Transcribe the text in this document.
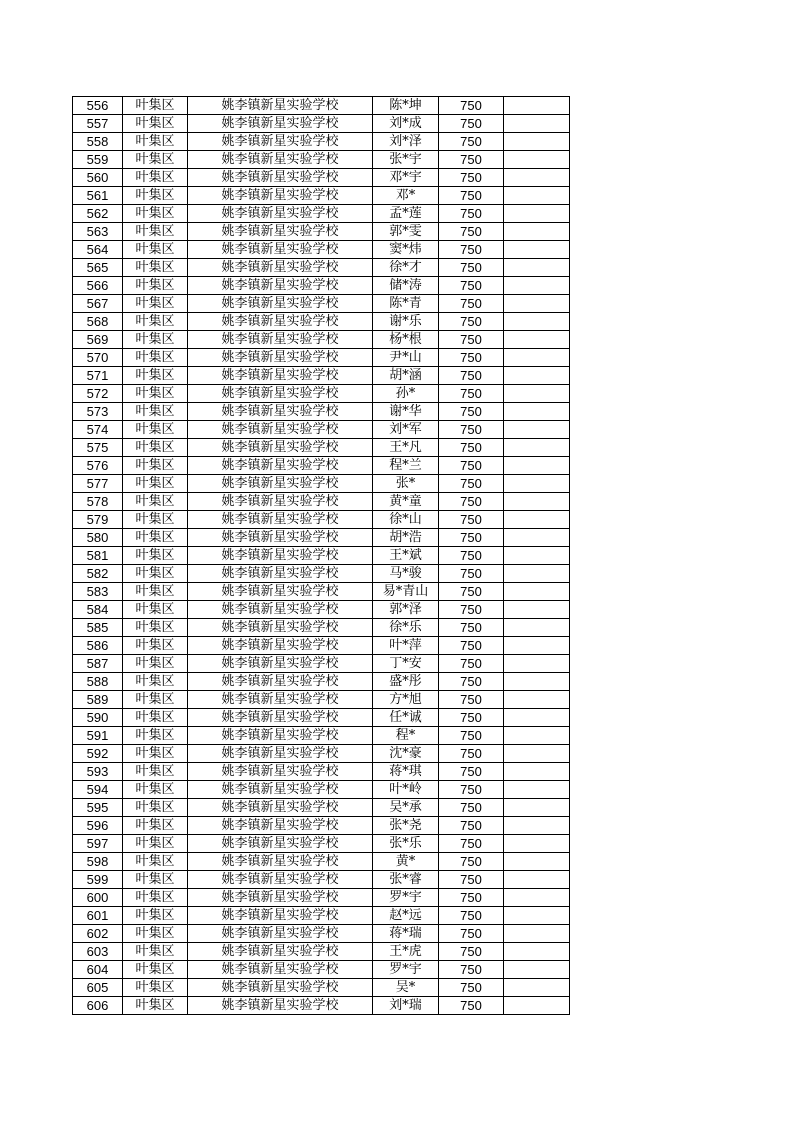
556	叶集区	姚李镇新星实验学校	陈*坤	750	
557	叶集区	姚李镇新星实验学校	刘*成	750	
558	叶集区	姚李镇新星实验学校	刘*泽	750	
559	叶集区	姚李镇新星实验学校	张*宇	750	
560	叶集区	姚李镇新星实验学校	邓*宇	750	
561	叶集区	姚李镇新星实验学校	邓*	750	
562	叶集区	姚李镇新星实验学校	孟*莲	750	
563	叶集区	姚李镇新星实验学校	郭*雯	750	
564	叶集区	姚李镇新星实验学校	窦*炜	750	
565	叶集区	姚李镇新星实验学校	徐*才	750	
566	叶集区	姚李镇新星实验学校	储*涛	750	
567	叶集区	姚李镇新星实验学校	陈*青	750	
568	叶集区	姚李镇新星实验学校	谢*乐	750	
569	叶集区	姚李镇新星实验学校	杨*根	750	
570	叶集区	姚李镇新星实验学校	尹*山	750	
571	叶集区	姚李镇新星实验学校	胡*涵	750	
572	叶集区	姚李镇新星实验学校	孙*	750	
573	叶集区	姚李镇新星实验学校	谢*华	750	
574	叶集区	姚李镇新星实验学校	刘*军	750	
575	叶集区	姚李镇新星实验学校	王*凡	750	
576	叶集区	姚李镇新星实验学校	程*兰	750	
577	叶集区	姚李镇新星实验学校	张*	750	
578	叶集区	姚李镇新星实验学校	黄*童	750	
579	叶集区	姚李镇新星实验学校	徐*山	750	
580	叶集区	姚李镇新星实验学校	胡*浩	750	
581	叶集区	姚李镇新星实验学校	王*斌	750	
582	叶集区	姚李镇新星实验学校	马*骏	750	
583	叶集区	姚李镇新星实验学校	易*青山	750	
584	叶集区	姚李镇新星实验学校	郭*泽	750	
585	叶集区	姚李镇新星实验学校	徐*乐	750	
586	叶集区	姚李镇新星实验学校	叶*萍	750	
587	叶集区	姚李镇新星实验学校	丁*安	750	
588	叶集区	姚李镇新星实验学校	盛*彤	750	
589	叶集区	姚李镇新星实验学校	方*旭	750	
590	叶集区	姚李镇新星实验学校	任*诚	750	
591	叶集区	姚李镇新星实验学校	程*	750	
592	叶集区	姚李镇新星实验学校	沈*豪	750	
593	叶集区	姚李镇新星实验学校	蒋*琪	750	
594	叶集区	姚李镇新星实验学校	叶*岭	750	
595	叶集区	姚李镇新星实验学校	吴*承	750	
596	叶集区	姚李镇新星实验学校	张*尧	750	
597	叶集区	姚李镇新星实验学校	张*乐	750	
598	叶集区	姚李镇新星实验学校	黄*	750	
599	叶集区	姚李镇新星实验学校	张*睿	750	
600	叶集区	姚李镇新星实验学校	罗*宇	750	
601	叶集区	姚李镇新星实验学校	赵*远	750	
602	叶集区	姚李镇新星实验学校	蒋*瑞	750	
603	叶集区	姚李镇新星实验学校	王*虎	750	
604	叶集区	姚李镇新星实验学校	罗*宇	750	
605	叶集区	姚李镇新星实验学校	吴*	750	
606	叶集区	姚李镇新星实验学校	刘*瑞	750	
